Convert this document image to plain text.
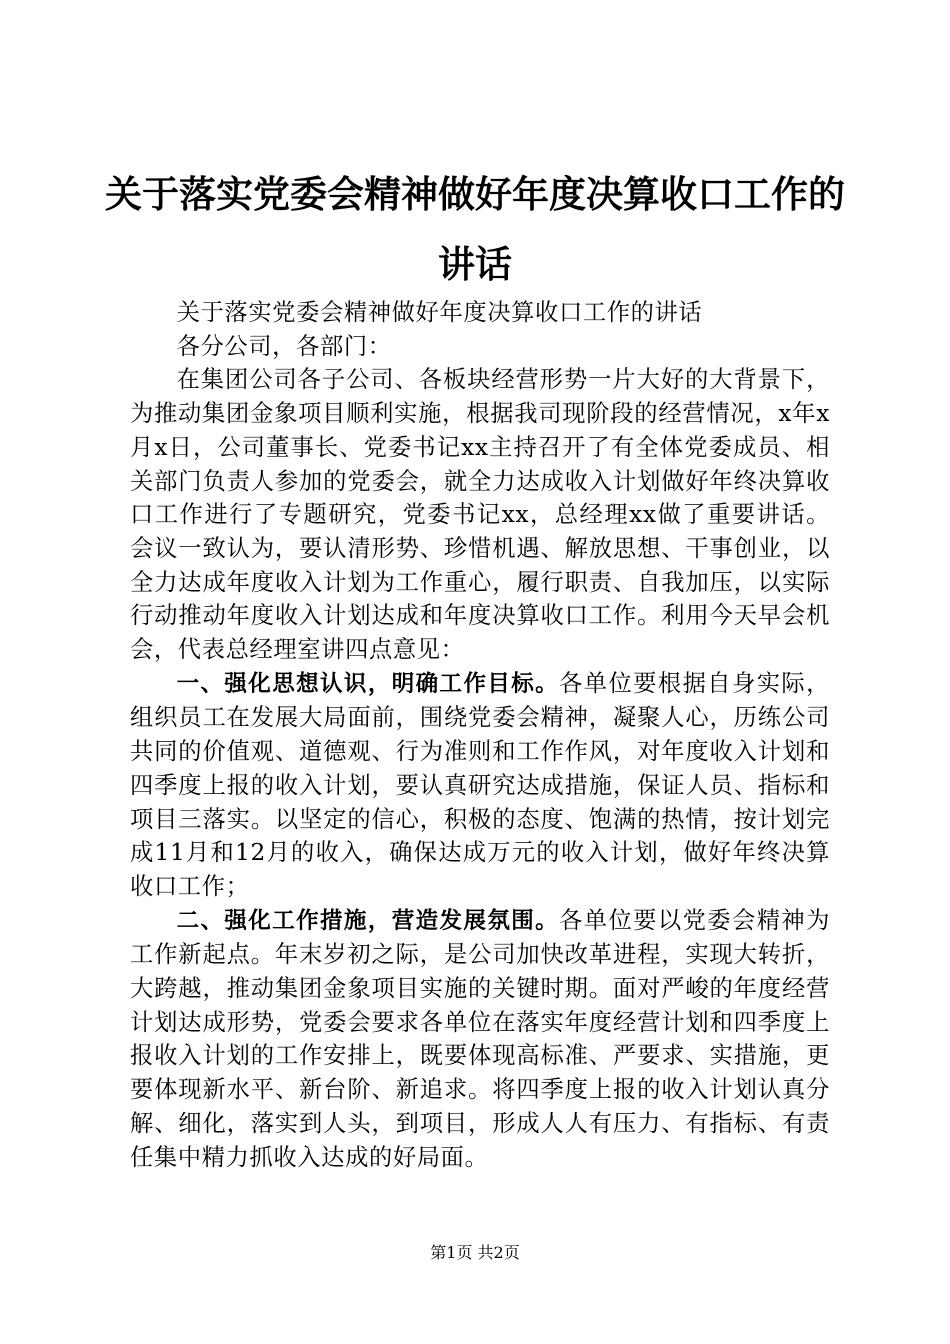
关于落实党委会精神做好年度决算收口工作的讲话

关于落实党委会精神做好年度决算收口工作的讲话

各分公司，各部门：

在集团公司各子公司、各板块经营形势一片大好的大背景下，为推动集团金象项目顺利实施，根据我司现阶段的经营情况，x年x月x日，公司董事长、党委书记xx主持召开了有全体党委成员、相关部门负责人参加的党委会，就全力达成收入计划做好年终决算收口工作进行了专题研究，党委书记xx，总经理xx做了重要讲话。会议一致认为，要认清形势、珍惜机遇、解放思想、干事创业，以全力达成年度收入计划为工作重心，履行职责、自我加压，以实际行动推动年度收入计划达成和年度决算收口工作。利用今天早会机会，代表总经理室讲四点意见：

一、强化思想认识，明确工作目标。各单位要根据自身实际，组织员工在发展大局面前，围绕党委会精神，凝聚人心，历练公司共同的价值观、道德观、行为准则和工作作风，对年度收入计划和四季度上报的收入计划，要认真研究达成措施，保证人员、指标和项目三落实。以坚定的信心，积极的态度、饱满的热情，按计划完成11月和12月的收入，确保达成万元的收入计划，做好年终决算收口工作；

二、强化工作措施，营造发展氛围。各单位要以党委会精神为工作新起点。年末岁初之际，是公司加快改革进程，实现大转折，大跨越，推动集团金象项目实施的关键时期。面对严峻的年度经营计划达成形势，党委会要求各单位在落实年度经营计划和四季度上报收入计划的工作安排上，既要体现高标准、严要求、实措施，更要体现新水平、新台阶、新追求。将四季度上报的收入计划认真分解、细化，落实到人头，到项目，形成人人有压力、有指标、有责任集中精力抓收入达成的好局面。

第1页 共2页
